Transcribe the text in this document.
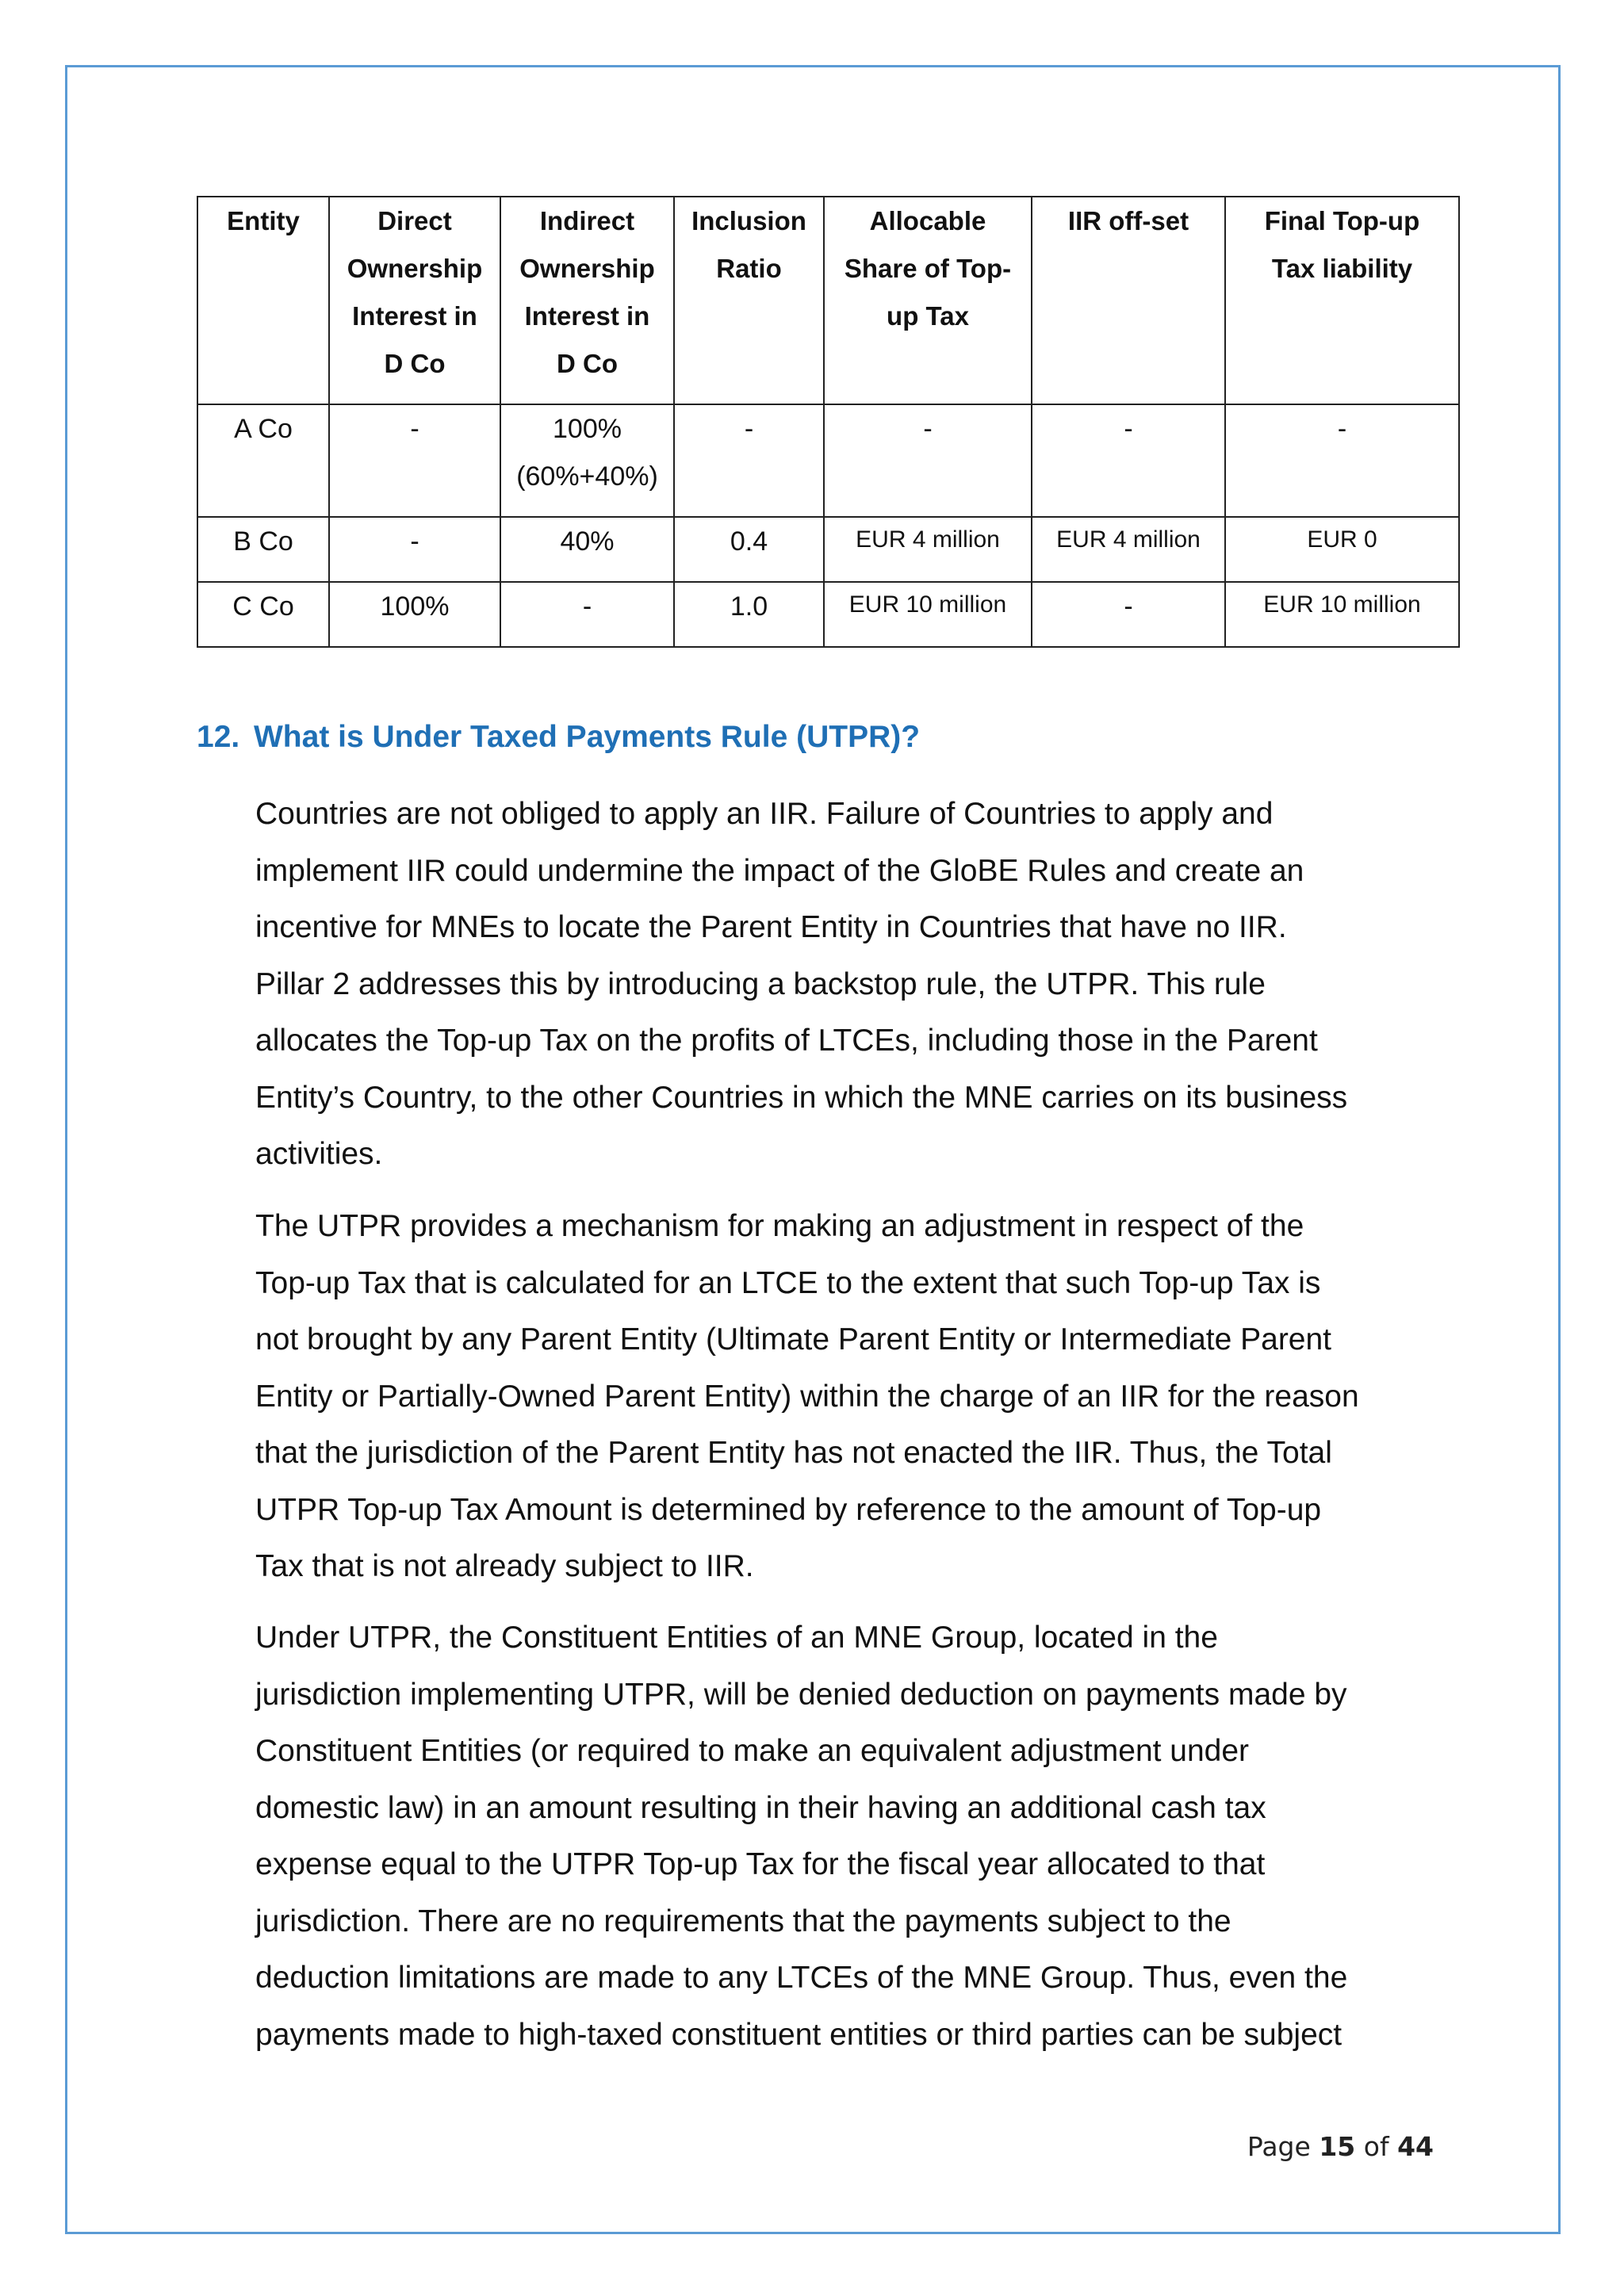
Entity	Direct
Ownership
Interest in
D Co	Indirect
Ownership
Interest in
D Co	Inclusion
Ratio	Allocable
Share of Top-
up Tax	IIR off-set	Final Top-up
Tax liability
A Co	-	100%
(60%+40%)	-	-	-	-
B Co	-	40%	0.4	EUR 4 million	EUR 4 million	EUR 0
C Co	100%	-	1.0	EUR 10 million	-	EUR 10 million
12. What is Under Taxed Payments Rule (UTPR)?

Countries are not obliged to apply an IIR. Failure of Countries to apply and

implement IIR could undermine the impact of the GloBE Rules and create an

incentive for MNEs to locate the Parent Entity in Countries that have no IIR.

Pillar 2 addresses this by introducing a backstop rule, the UTPR. This rule

allocates the Top-up Tax on the profits of LTCEs, including those in the Parent

Entity’s Country, to the other Countries in which the MNE carries on its business

activities.

The UTPR provides a mechanism for making an adjustment in respect of the

Top-up Tax that is calculated for an LTCE to the extent that such Top-up Tax is

not brought by any Parent Entity (Ultimate Parent Entity or Intermediate Parent

Entity or Partially-Owned Parent Entity) within the charge of an IIR for the reason

that the jurisdiction of the Parent Entity has not enacted the IIR. Thus, the Total

UTPR Top-up Tax Amount is determined by reference to the amount of Top-up

Tax that is not already subject to IIR.

Under UTPR, the Constituent Entities of an MNE Group, located in the

jurisdiction implementing UTPR, will be denied deduction on payments made by

Constituent Entities (or required to make an equivalent adjustment under

domestic law) in an amount resulting in their having an additional cash tax

expense equal to the UTPR Top-up Tax for the fiscal year allocated to that

jurisdiction. There are no requirements that the payments subject to the

deduction limitations are made to any LTCEs of the MNE Group. Thus, even the

payments made to high-taxed constituent entities or third parties can be subject

Page 15 of 44
